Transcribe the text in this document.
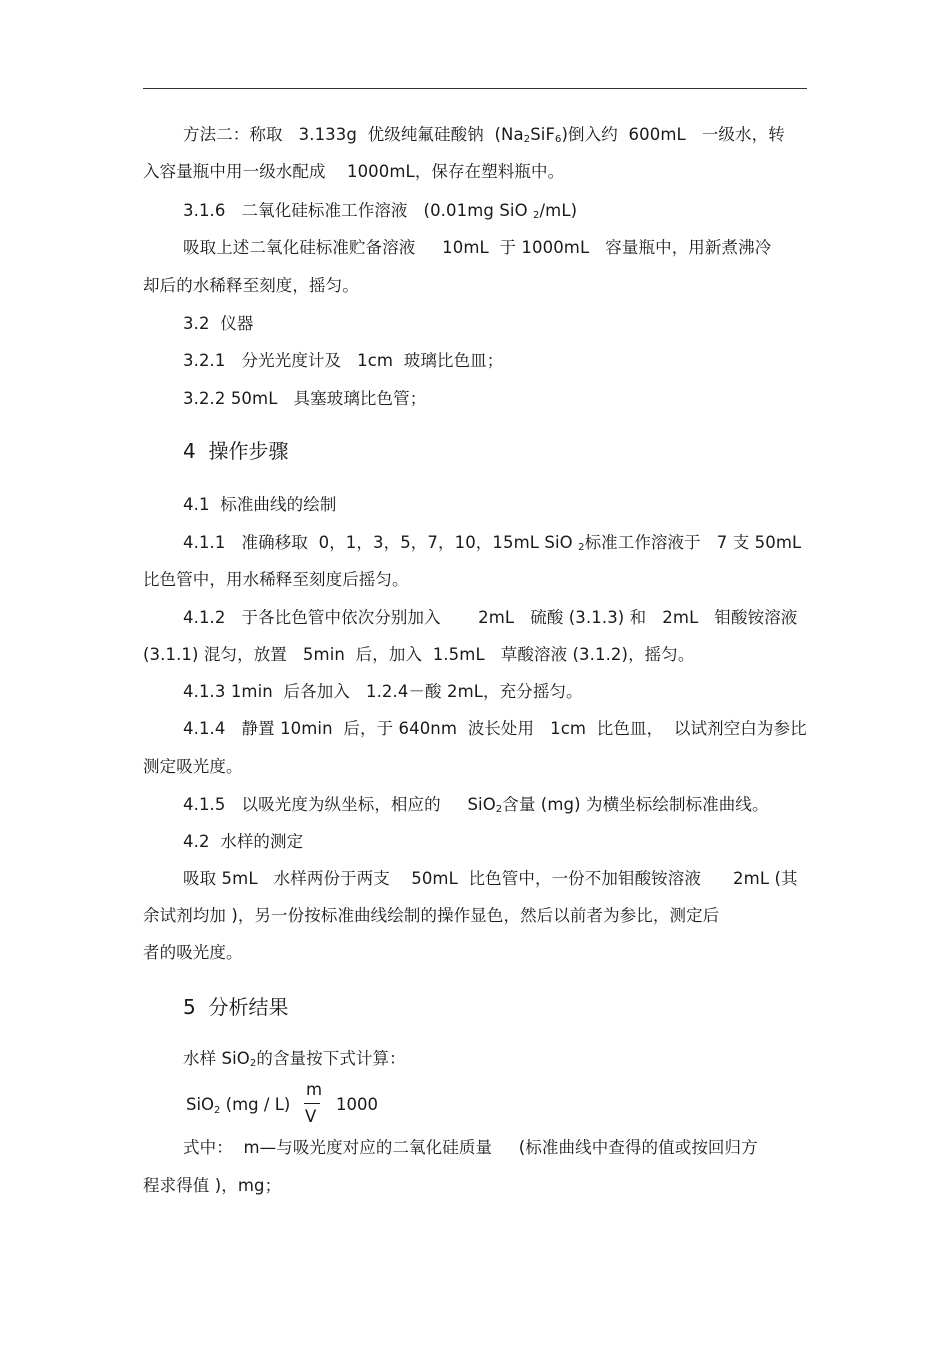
方法二：称取   3.133g  优级纯氟硅酸钠  $(Na_2SiF_6)$倒入约  600mL   一级水，转
入容量瓶中用一级水配成    1000mL，保存在塑料瓶中。
3.1.6   二氧化硅标准工作溶液   (0.01mg SiO $_2$/mL)
吸取上述二氧化硅标准贮备溶液     10mL  于 1000mL   容量瓶中，用新煮沸冷
却后的水稀释至刻度，摇匀。
3.2  仪器
3.2.1   分光光度计及   1cm  玻璃比色皿；
3.2.2 50mL   具塞玻璃比色管；
4  操作步骤
4.1  标准曲线的绘制
4.1.1   准确移取  0，1，3，5，7，10，15mL SiO $_2$标准工作溶液于   7 支 50mL
比色管中，用水稀释至刻度后摇匀。
4.1.2   于各比色管中依次分别加入       2mL   硫酸 (3.1.3) 和   2mL   钼酸铵溶液
(3.1.1) 混匀，放置   5min  后，加入  1.5mL   草酸溶液 (3.1.2)，摇匀。
4.1.3 1min  后各加入   1.2.4－酸 2mL，充分摇匀。
4.1.4   静置 10min  后，于 640nm  波长处用   1cm  比色皿，  以试剂空白为参比
测定吸光度。
4.1.5   以吸光度为纵坐标，相应的     SiO$_2$含量 (mg) 为横坐标绘制标准曲线。
4.2  水样的测定
吸取 5mL   水样两份于两支    50mL  比色管中，一份不加钼酸铵溶液      2mL (其
余试剂均加 )，另一份按标准曲线绘制的操作显色，然后以前者为参比，测定后
者的吸光度。
5  分析结果
水样 SiO$_2$的含量按下式计算：
SiO2 (mg / L)
m
V
1000
式中：  m—与吸光度对应的二氧化硅质量     (标准曲线中查得的值或按回归方
程求得值 )，mg；
